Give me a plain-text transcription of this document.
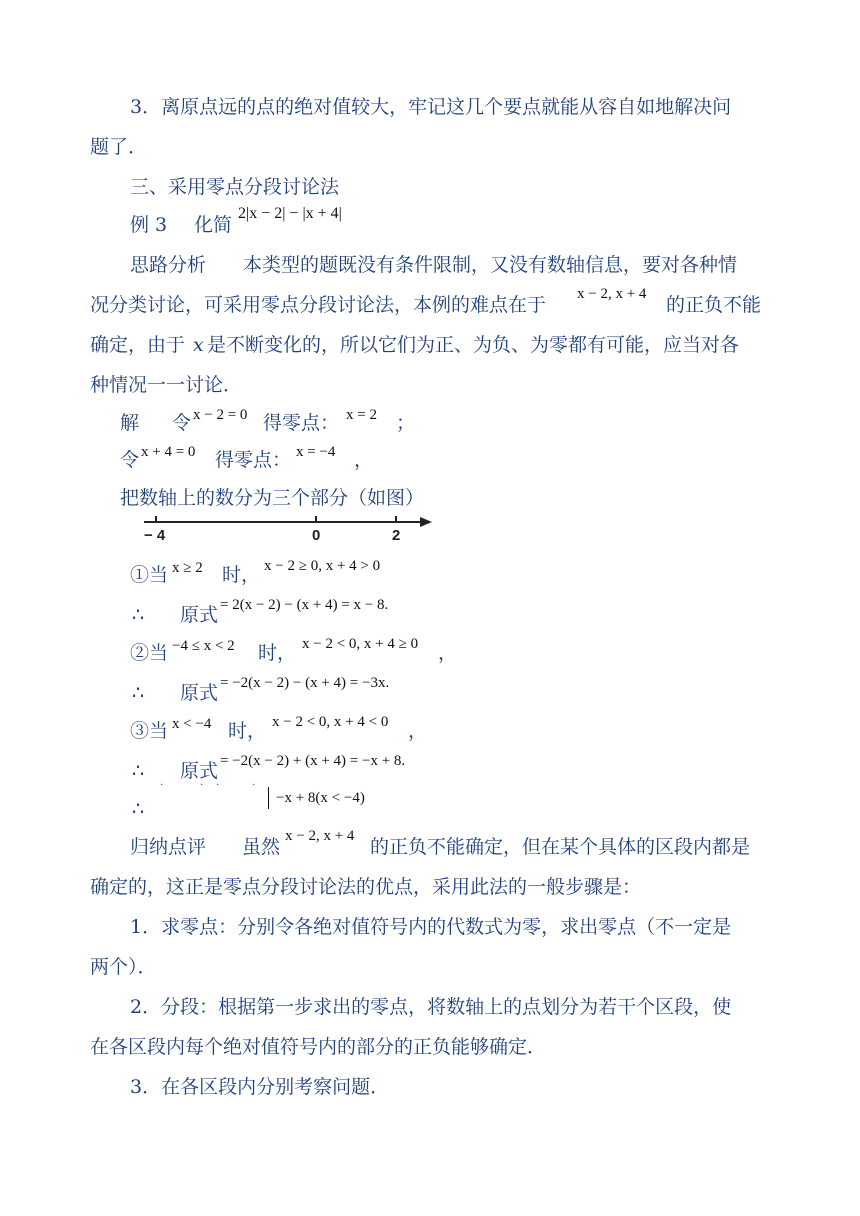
3．离原点远的点的绝对值较大，牢记这几个要点就能从容自如地解决问
题了．
三、采用零点分段讨论法
例 3 化简
2|x − 2| − |x + 4|
思路分析 本类型的题既没有条件限制，又没有数轴信息，要对各种情
况分类讨论，可采用零点分段讨论法，本例的难点在于 x − 2, x + 4 的正负不能
确定，由于 x 是不断变化的，所以它们为正、为负、为零都有可能，应当对各
种情况一一讨论．
解 令 x − 2 = 0 得零点： x = 2 ；
令 x + 4 = 0 得零点： x = −4 ，
把数轴上的数分为三个部分（如图）
− 4	0	2
①当 x ≥ 2 时， x − 2 ≥ 0, x + 4 > 0
∴ 原式 = 2(x − 2) − (x + 4) = x − 8.
②当 −4 ≤ x < 2 时， x − 2 < 0, x + 4 ≥ 0 ，
∴ 原式 = −2(x − 2) − (x + 4) = −3x.
③当 x < −4 时， x − 2 < 0, x + 4 < 0 ，
∴ 原式 = −2(x − 2) + (x + 4) = −x + 8.
·	· ·	·
∴	−x + 8(x < −4)
归纳点评 虽然 x − 2, x + 4 的正负不能确定，但在某个具体的区段内都是
确定的，这正是零点分段讨论法的优点，采用此法的一般步骤是：
1．求零点：分别令各绝对值符号内的代数式为零，求出零点（不一定是
两个）．
2．分段：根据第一步求出的零点，将数轴上的点划分为若干个区段，使
在各区段内每个绝对值符号内的部分的正负能够确定．
3．在各区段内分别考察问题．
